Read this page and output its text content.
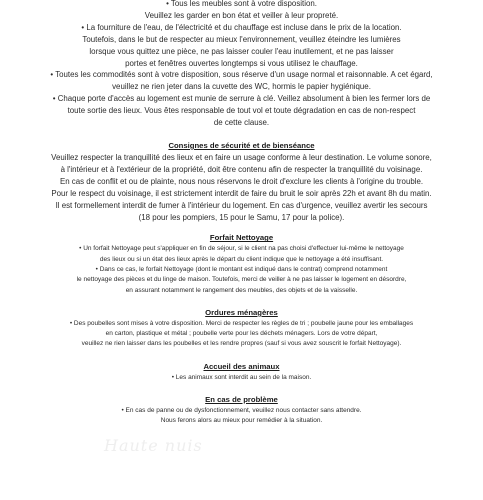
Haute nuis
• Tous les meubles sont à votre disposition.
Veuillez les garder en bon état et veiller à leur propreté.
• La fourniture de l'eau, de l'électricité et du chauffage est incluse dans le prix de la location.
Toutefois, dans le but de respecter au mieux l'environnement, veuillez éteindre les lumières
lorsque vous quittez une pièce, ne pas laisser couler l'eau inutilement, et ne pas laisser
portes et fenêtres ouvertes longtemps si vous utilisez le chauffage.
• Toutes les commodités sont à votre disposition, sous réserve d'un usage normal et raisonnable. A cet égard,
veuillez ne rien jeter dans la cuvette des WC, hormis le papier hygiénique.
• Chaque porte d'accès au logement est munie de serrure à clé. Veillez absolument à bien les fermer lors de
toute sortie des lieux. Vous êtes responsable de tout vol et toute dégradation en cas de non-respect
de cette clause.
Consignes de sécurité et de bienséance
Veuillez respecter la tranquillité des lieux et en faire un usage conforme à leur destination. Le volume sonore,
à l'intérieur et à l'extérieur de la propriété, doit être contenu afin de respecter la tranquillité du voisinage.
En cas de conflit et ou de plainte, nous nous réservons le droit d'exclure les clients à l'origine du trouble.
Pour le respect du voisinage, il est strictement interdit de faire du bruit le soir après 22h et avant 8h du matin.
Il est formellement interdit de fumer à l'intérieur du logement. En cas d'urgence, veuillez avertir les secours
(18 pour les pompiers, 15 pour le Samu, 17 pour la police).
Forfait Nettoyage
• Un forfait Nettoyage peut s'appliquer en fin de séjour, si le client na pas choisi d'effectuer lui-même le nettoyage
des lieux ou si un état des lieux après le départ du client indique que le nettoyage a été insuffisant.
• Dans ce cas, le forfait Nettoyage (dont le montant est indiqué dans le contrat) comprend notamment
le nettoyage des pièces et du linge de maison. Toutefois, merci de veiller à ne pas laisser le logement en désordre,
en assurant notamment le rangement des meubles, des objets et de la vaisselle.
Ordures ménagères
• Des poubelles sont mises à votre disposition. Merci de respecter les règles de tri ; poubelle jaune pour les emballages
en carton, plastique et métal ; poubelle verte pour les déchets ménagers. Lors de votre départ,
veuillez ne rien laisser dans les poubelles et les rendre propres (sauf si vous avez souscrit le forfait Nettoyage).
Accueil des animaux
• Les animaux sont interdit au sein de la maison.
En cas de problème
• En cas de panne ou de dysfonctionnement, veuillez nous contacter sans attendre.
Nous ferons alors au mieux pour remédier à la situation.
